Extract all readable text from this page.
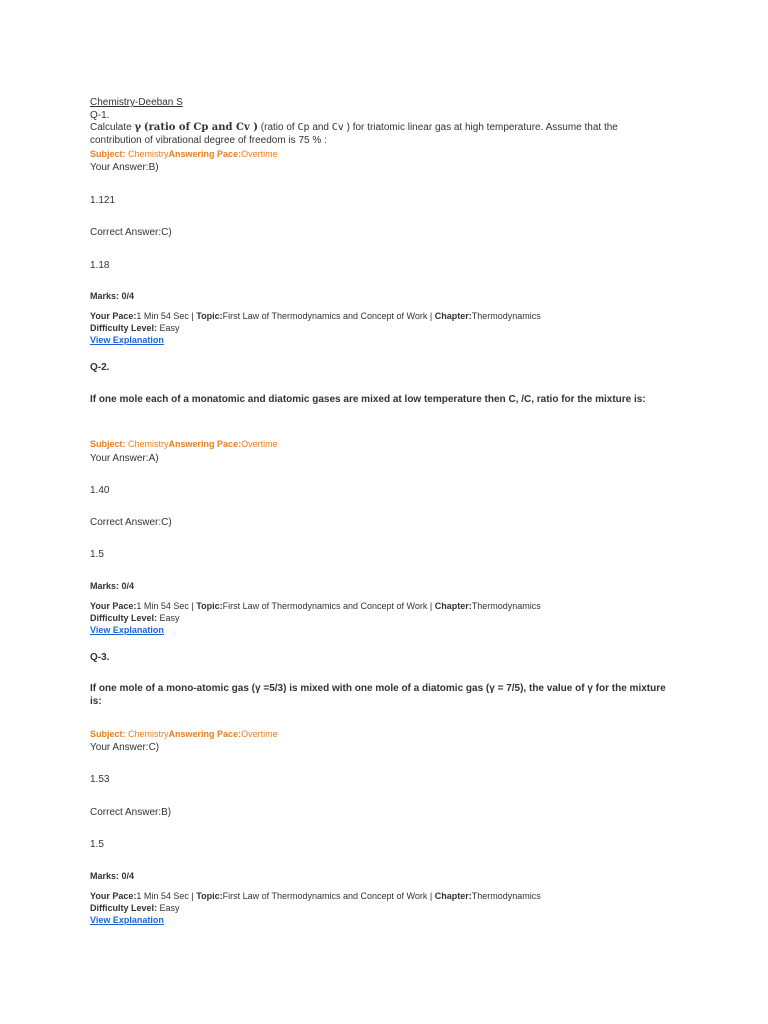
Chemistry-Deeban S
Q-1.
Calculate γ (ratio of Cp and Cv ) (ratio of Cp and Cv ) for triatomic linear gas at high temperature. Assume that the contribution of vibrational degree of freedom is 75 % :
Subject: ChemistryAnswering Pace:Overtime
Your Answer:B)
1.121
Correct Answer:C)
1.18
Marks: 0/4
Your Pace:1 Min 54 Sec | Topic:First Law of Thermodynamics and Concept of Work | Chapter:Thermodynamics
Difficulty Level: Easy
View Explanation
Q-2.
If one mole each of a monatomic and diatomic gases are mixed at low temperature then C, /C, ratio for the mixture is:
Subject: ChemistryAnswering Pace:Overtime
Your Answer:A)
1.40
Correct Answer:C)
1.5
Marks: 0/4
Your Pace:1 Min 54 Sec | Topic:First Law of Thermodynamics and Concept of Work | Chapter:Thermodynamics
Difficulty Level: Easy
View Explanation
Q-3.
If one mole of a mono-atomic gas (γ =5/3) is mixed with one mole of a diatomic gas (γ = 7/5), the value of γ for the mixture is:
Subject: ChemistryAnswering Pace:Overtime
Your Answer:C)
1.53
Correct Answer:B)
1.5
Marks: 0/4
Your Pace:1 Min 54 Sec | Topic:First Law of Thermodynamics and Concept of Work | Chapter:Thermodynamics
Difficulty Level: Easy
View Explanation
